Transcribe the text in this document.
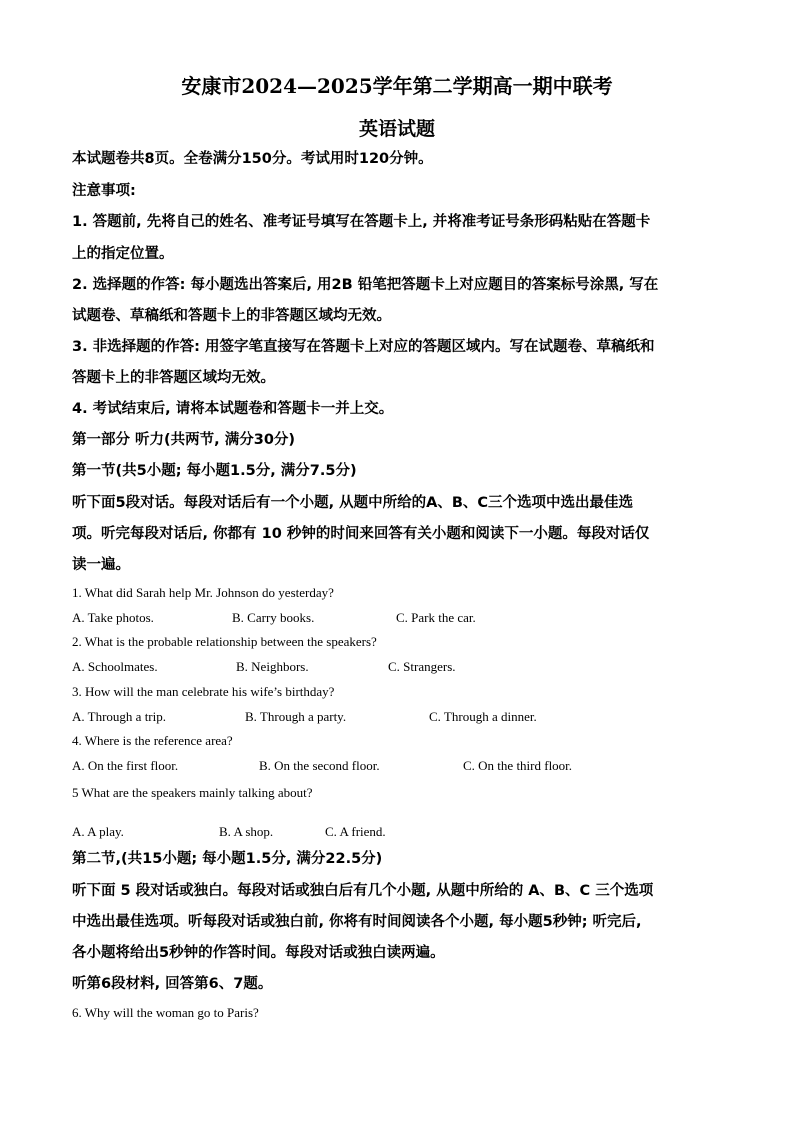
安康市2024—2025学年第二学期高一期中联考
英语试题
本试题卷共8页。全卷满分150分。考试用时120分钟。
注意事项:
1. 答题前, 先将自己的姓名、准考证号填写在答题卡上, 并将准考证号条形码粘贴在答题卡
上的指定位置。
2. 选择题的作答: 每小题选出答案后, 用2B 铅笔把答题卡上对应题目的答案标号涂黑, 写在
试题卷、草稿纸和答题卡上的非答题区域均无效。
3. 非选择题的作答: 用签字笔直接写在答题卡上对应的答题区域内。写在试题卷、草稿纸和
答题卡上的非答题区域均无效。
4. 考试结束后, 请将本试题卷和答题卡一并上交。
第一部分 听力(共两节, 满分30分)
第一节(共5小题; 每小题1.5分, 满分7.5分)
听下面5段对话。每段对话后有一个小题, 从题中所给的A、B、C三个选项中选出最佳选
项。听完每段对话后, 你都有 10 秒钟的时间来回答有关小题和阅读下一小题。每段对话仅
读一遍。
1. What did Sarah help Mr. Johnson do yesterday?
A. Take photos.	B. Carry books.	C. Park the car.
2. What is the probable relationship between the speakers?
A. Schoolmates.	B. Neighbors.	C. Strangers.
3. How will the man celebrate his wife’s birthday?
A. Through a trip.	B. Through a party.	C. Through a dinner.
4. Where is the reference area?
A. On the first floor.	B. On the second floor.	C. On the third floor.
5 What are the speakers mainly talking about?
A. A play.	B. A shop.	C. A friend.
第二节,(共15小题; 每小题1.5分, 满分22.5分)
听下面 5 段对话或独白。每段对话或独白后有几个小题, 从题中所给的 A、B、C 三个选项
中选出最佳选项。听每段对话或独白前, 你将有时间阅读各个小题, 每小题5秒钟; 听完后,
各小题将给出5秒钟的作答时间。每段对话或独白读两遍。
听第6段材料, 回答第6、7题。
6. Why will the woman go to Paris?
